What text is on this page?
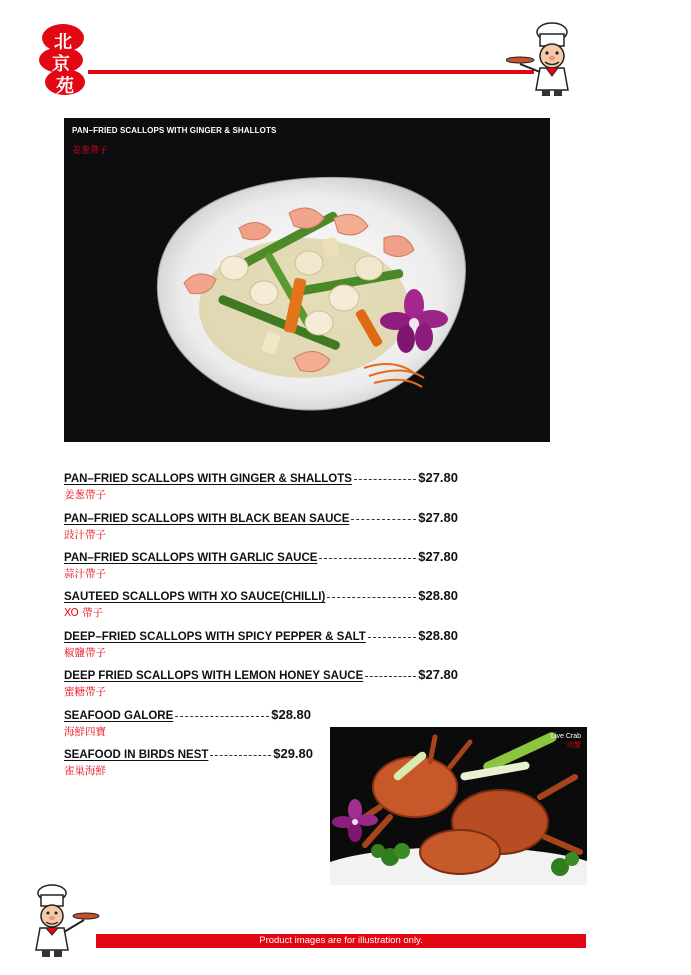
北
京
苑
PAN–FRIED SCALLOPS WITH GINGER & SHALLOTS
姜葱帶子
PAN–FRIED SCALLOPS WITH GINGER & SHALLOTS	$27.80
姜葱帶子
PAN–FRIED SCALLOPS WITH BLACK BEAN SAUCE	$27.80
豉汁帶子
PAN–FRIED SCALLOPS WITH GARLIC SAUCE	$27.80
蒜汁帶子
SAUTEED SCALLOPS WITH XO SAUCE(CHILLI)	$28.80
XO 帶子
DEEP–FRIED SCALLOPS WITH SPICY PEPPER & SALT	$28.80
椒鹽帶子
DEEP FRIED SCALLOPS WITH LEMON HONEY SAUCE	$27.80
蜜糖帶子
SEAFOOD GALORE	$28.80
海鮮四寶
SEAFOOD IN BIRDS NEST	$29.80
雀巢海鮮
Live Crab
肉蟹
Product images are for illustration only.
